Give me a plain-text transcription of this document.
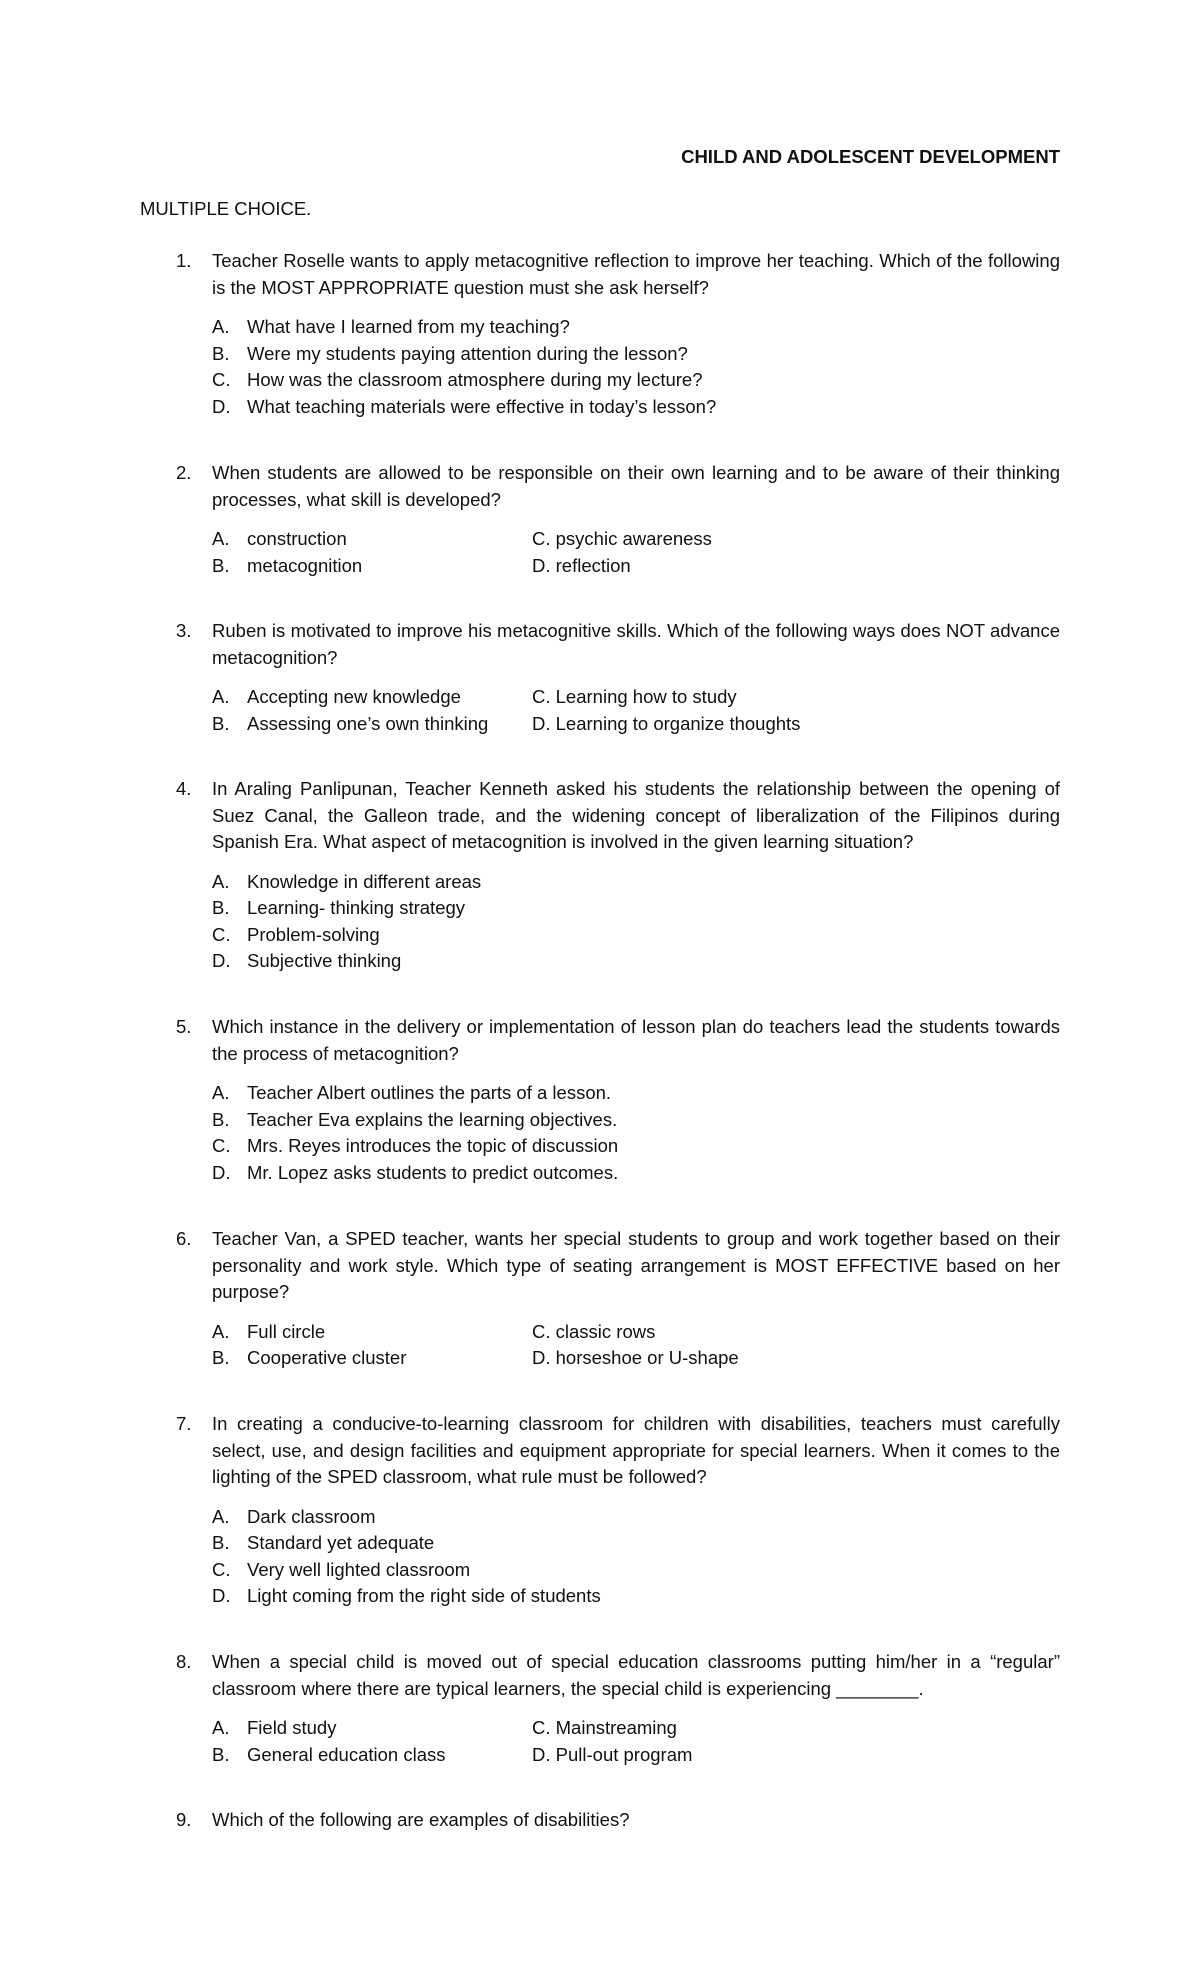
CHILD AND ADOLESCENT DEVELOPMENT
MULTIPLE CHOICE.
1.	Teacher Roselle wants to apply metacognitive reflection to improve her teaching. Which of the following is the MOST APPROPRIATE question must she ask herself?

A. What have I learned from my teaching?
B. Were my students paying attention during the lesson?
C. How was the classroom atmosphere during my lecture?
D. What teaching materials were effective in today’s lesson?
2.	When students are allowed to be responsible on their own learning and to be aware of their thinking processes, what skill is developed?

A. construction	C. psychic awareness
B. metacognition	D. reflection
3.	Ruben is motivated to improve his metacognitive skills. Which of the following ways does NOT advance metacognition?

A. Accepting new knowledge	C. Learning how to study
B. Assessing one’s own thinking D. Learning to organize thoughts
4.	In Araling Panlipunan, Teacher Kenneth asked his students the relationship between the opening of Suez Canal, the Galleon trade, and the widening concept of liberalization of the Filipinos during Spanish Era. What aspect of metacognition is involved in the given learning situation?

A. Knowledge in different areas
B. Learning- thinking strategy
C. Problem-solving
D. Subjective thinking
5.	Which instance in the delivery or implementation of lesson plan do teachers lead the students towards the process of metacognition?

A. Teacher Albert outlines the parts of a lesson.
B. Teacher Eva explains the learning objectives.
C. Mrs. Reyes introduces the topic of discussion
D. Mr. Lopez asks students to predict outcomes.
6.	Teacher Van, a SPED teacher, wants her special students to group and work together based on their personality and work style. Which type of seating arrangement is MOST EFFECTIVE based on her purpose?

A. Full circle	C. classic rows
B. Cooperative cluster	D. horseshoe or U-shape
7.	In creating a conducive-to-learning classroom for children with disabilities, teachers must carefully select, use, and design facilities and equipment appropriate for special learners. When it comes to the lighting of the SPED classroom, what rule must be followed?

A. Dark classroom
B. Standard yet adequate
C. Very well lighted classroom
D. Light coming from the right side of students
8.	When a special child is moved out of special education classrooms putting him/her in a “regular” classroom where there are typical learners, the special child is experiencing ________.

A. Field study	C. Mainstreaming
B. General education class	D. Pull-out program
9.	Which of the following are examples of disabilities?
